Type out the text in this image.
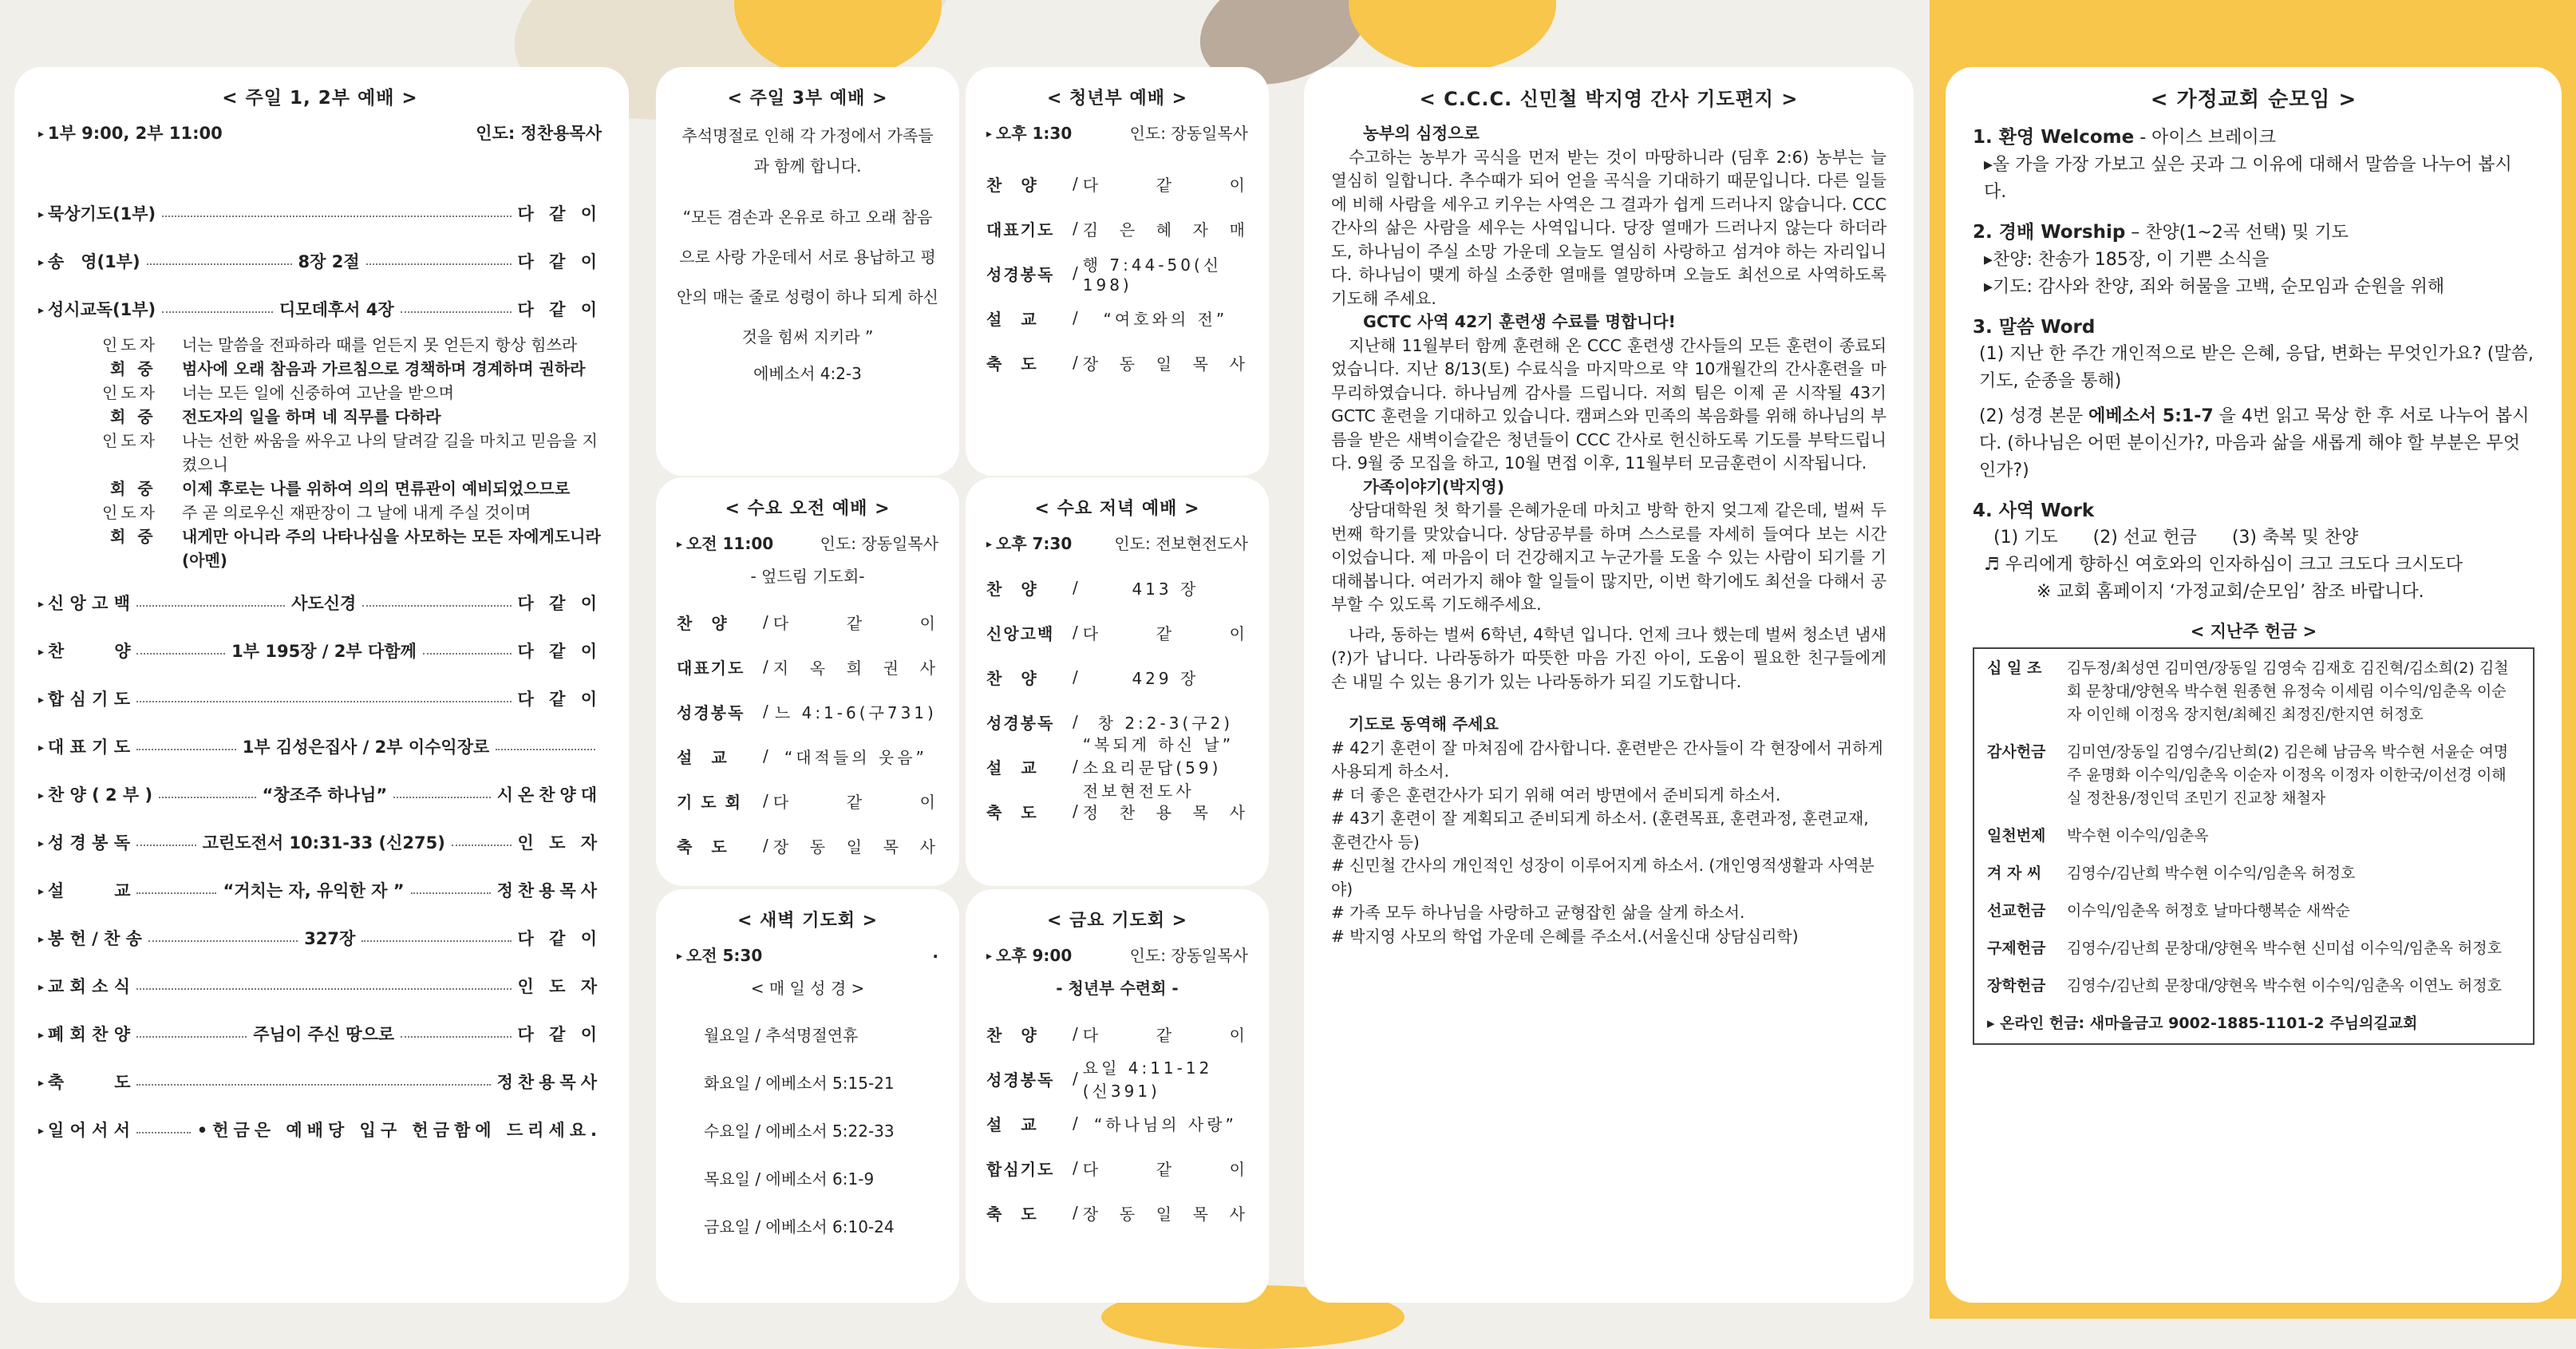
< 주일 1, 2부 예배 >
▸ 1부 9:00, 2부 11:00	인도: 정찬용목사
▸ 묵상기도(1부)	다 같 이
▸ 송　영(1부)	8장 2절	다 같 이
▸ 성시교독(1부)	디모데후서 4장	다 같 이
인도자	너는 말씀을 전파하라 때를 얻든지 못 얻든지 항상 힘쓰라
회 중	범사에 오래 참음과 가르침으로 경책하며 경계하며 권하라
인도자	너는 모든 일에 신중하여 고난을 받으며
회 중	전도자의 일을 하며 네 직무를 다하라
인도자	나는 선한 싸움을 싸우고 나의 달려갈 길을 마치고 믿음을 지켰으니
회 중	이제 후로는 나를 위하여 의의 면류관이 예비되었으므로
인도자	주 곧 의로우신 재판장이 그 날에 내게 주실 것이며
회 중	내게만 아니라 주의 나타나심을 사모하는 모든 자에게도니라 (아멘)
▸ 신 앙 고 백	사도신경	다 같 이
▸ 찬　　　양	1부 195장 / 2부 다함께	다 같 이
▸ 합 심 기 도	다 같 이
▸ 대 표 기 도	1부 김성은집사 / 2부 이수익장로
▸ 찬 양 ( 2 부 )	“창조주 하나님”	시온찬양대
▸ 성 경 봉 독	고린도전서 10:31-33 (신275)	인 도 자
▸ 설　　　교	“거치는 자, 유익한 자 ”	정찬용목사
▸ 봉 헌 / 찬 송	327장	다 같 이
▸ 교 회 소 식	인 도 자
▸ 폐 회 찬 양	주님이 주신 땅으로	다 같 이
▸ 축　　　도	정찬용목사
▸ 일 어 서 서	•헌금은 예배당 입구 헌금함에 드리세요.
< 주일 3부 예배 >
추석명절로 인해 각 가정에서 가족들과 함께 합니다.
“모든 겸손과 온유로 하고 오래 참음으로 사랑 가운데서 서로 용납하고 평안의 매는 줄로 성령이 하나 되게 하신 것을 힘써 지키라 ”
에베소서 4:2-3
< 청년부 예배 >
▸ 오후 1:30	인도: 장동일목사
찬　양	/ 다	같	이
대표기도	/ 김 은 혜 자 매
성경봉독	/ 행 7:44-50(신198)
설　교	/ “여호와의 전”
축　도	/ 장 동 일 목 사
< 수요 오전 예배 >
▸ 오전 11:00	인도: 장동일목사
- 엎드림 기도회-
찬　양	/ 다	같	이
대표기도	/ 지 옥 희 권 사
성경봉독	/ 느 4:1-6(구731)
설　교	/ “대적들의 웃음”
기 도 회	/ 다	같	이
축　도	/ 장 동 일 목 사
< 수요 저녁 예배 >
▸ 오후 7:30	인도: 전보현전도사
찬　양	/	413 장
신앙고백	/ 다	같	이
찬　양	/	429 장
성경봉독	/ 창 2:2-3(구2)
설　교	/
“복되게 하신 날” 소요리문답(59) 전보현전도사
축　도	/ 정 찬 용 목 사
< 새벽 기도회 >
▸ 오전 5:30	.
< 매 일 성 경 >
월요일 / 추석명절연휴
화요일 / 에베소서 5:15-21
수요일 / 에베소서 5:22-33
목요일 / 에베소서 6:1-9
금요일 / 에베소서 6:10-24
< 금요 기도회 >
▸ 오후 9:00	인도: 장동일목사
- 청년부 수련회 -
찬　양	/ 다	같	이
성경봉독	/
요일 4:11-12 (신391)
설　교	/ “하나님의 사랑”
합심기도	/ 다	같	이
축　도	/ 장 동 일 목 사
< C.C.C. 신민철 박지영 간사 기도편지 >
농부의 심정으로
수고하는 농부가 곡식을 먼저 받는 것이 마땅하니라 (딤후 2:6) 농부는 늘 열심히 일합니다. 추수때가 되어 얻을 곡식을 기대하기 때문입니다. 다른 일들에 비해 사람을 세우고 키우는 사역은 그 결과가 쉽게 드러나지 않습니다. CCC간사의 삶은 사람을 세우는 사역입니다. 당장 열매가 드러나지 않는다 하더라도, 하나님이 주실 소망 가운데 오늘도 열심히 사랑하고 섬겨야 하는 자리입니다. 하나님이 맺게 하실 소중한 열매를 열망하며 오늘도 최선으로 사역하도록 기도해 주세요.
GCTC 사역 42기 훈련생 수료를 명합니다!
지난해 11월부터 함께 훈련해 온 CCC 훈련생 간사들의 모든 훈련이 종료되었습니다. 지난 8/13(토) 수료식을 마지막으로 약 10개월간의 간사훈련을 마무리하였습니다. 하나님께 감사를 드립니다. 저희 팀은 이제 곧 시작될 43기 GCTC 훈련을 기대하고 있습니다. 캠퍼스와 민족의 복음화를 위해 하나님의 부름을 받은 새벽이슬같은 청년들이 CCC 간사로 헌신하도록 기도를 부탁드립니다. 9월 중 모집을 하고, 10월 면접 이후, 11월부터 모금훈련이 시작됩니다.
가족이야기(박지영)
상담대학원 첫 학기를 은혜가운데 마치고 방학 한지 엊그제 같은데, 벌써 두번째 학기를 맞았습니다. 상담공부를 하며 스스로를 자세히 들여다 보는 시간이었습니다. 제 마음이 더 건강해지고 누군가를 도울 수 있는 사람이 되기를 기대해봅니다. 여러가지 해야 할 일들이 많지만, 이번 학기에도 최선을 다해서 공부할 수 있도록 기도해주세요.
나라, 동하는 벌써 6학년, 4학년 입니다. 언제 크나 했는데 벌써 청소년 냄새(?)가 납니다. 나라동하가 따뜻한 마음 가진 아이, 도움이 필요한 친구들에게 손 내밀 수 있는 용기가 있는 나라동하가 되길 기도합니다.
기도로 동역해 주세요
# 42기 훈련이 잘 마쳐짐에 감사합니다. 훈련받은 간사들이 각 현장에서 귀하게 사용되게 하소서.
# 더 좋은 훈련간사가 되기 위해 여러 방면에서 준비되게 하소서.
# 43기 훈련이 잘 계획되고 준비되게 하소서. (훈련목표, 훈련과정, 훈련교재, 훈련간사 등)
# 신민철 간사의 개인적인 성장이 이루어지게 하소서. (개인영적생활과 사역분야)
# 가족 모두 하나님을 사랑하고 균형잡힌 삶을 살게 하소서.
# 박지영 사모의 학업 가운데 은혜를 주소서.(서울신대 상담심리학)
< 가정교회 순모임 >
1. 환영 Welcome - 아이스 브레이크
▸올 가을 가장 가보고 싶은 곳과 그 이유에 대해서 말씀을 나누어 봅시다.
2. 경배 Worship – 찬양(1~2곡 선택) 및 기도
▸찬양: 찬송가 185장, 이 기쁜 소식을
▸기도: 감사와 찬양, 죄와 허물을 고백, 순모임과 순원을 위해
3. 말씀 Word
(1) 지난 한 주간 개인적으로 받은 은혜, 응답, 변화는 무엇인가요? (말씀, 기도, 순종을 통해)
(2) 성경 본문 에베소서 5:1-7 을 4번 읽고 묵상 한 후 서로 나누어 봅시다. (하나님은 어떤 분이신가?, 마음과 삶을 새롭게 해야 할 부분은 무엇인가?)
4. 사역 Work
(1) 기도　　(2) 선교 헌금　　(3) 축복 및 찬양
♬ 우리에게 향하신 여호와의 인자하심이 크고 크도다 크시도다
※ 교회 홈페이지 ‘가정교회/순모임’ 참조 바랍니다.
< 지난주 헌금 >
십 일 조	김두정/최성연 김미연/장동일 김영숙 김재호 김진혁/김소희(2) 김철회 문창대/양현옥 박수현 원종현 유정숙 이세림 이수익/임춘옥 이순자 이인해 이정옥 장지현/최혜진 최정진/한지연 허정호
감사헌금	김미연/장동일 김영수/김난희(2) 김은혜 남금옥 박수현 서윤순 여명주 윤명화 이수익/임춘옥 이순자 이정옥 이정자 이한국/이선경 이해실 정찬용/정인덕 조민기 진교창 채철자
일천번제	박수현 이수익/임춘옥
겨 자 씨	김영수/김난희 박수현 이수익/임춘옥 허정호
선교헌금	이수익/임춘옥 허정호 날마다행복순 새싹순
구제헌금	김영수/김난희 문창대/양현옥 박수현 신미섭 이수익/임춘옥 허정호
장학헌금	김영수/김난희 문창대/양현옥 박수현 이수익/임춘옥 이연노 허정호
▸ 온라인 헌금: 새마을금고 9002-1885-1101-2 주님의길교회
